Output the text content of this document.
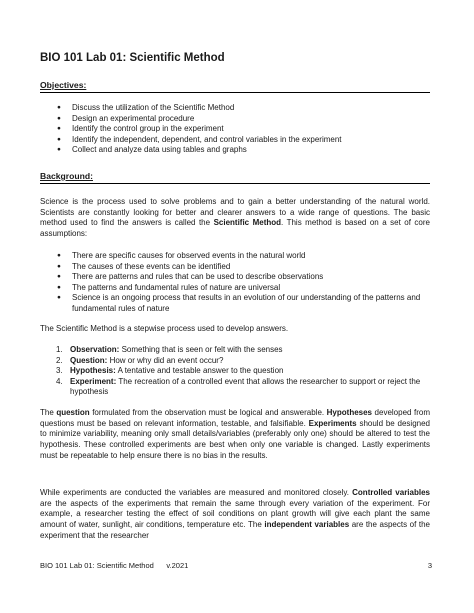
BIO 101 Lab 01: Scientific Method
Objectives:
● Discuss the utilization of the Scientific Method
● Design an experimental procedure
● Identify the control group in the experiment
● Identify the independent, dependent, and control variables in the experiment
● Collect and analyze data using tables and graphs
Background:

Science is the process used to solve problems and to gain a better understanding of the natural world. Scientists are constantly looking for better and clearer answers to a wide range of questions. The basic method used to find the answers is called the Scientific Method. This method is based on a set of core assumptions:

● There are specific causes for observed events in the natural world
● The causes of these events can be identified
● There are patterns and rules that can be used to describe observations
● The patterns and fundamental rules of nature are universal
● Science is an ongoing process that results in an evolution of our understanding of the patterns and fundamental rules of nature

The Scientific Method is a stepwise process used to develop answers.

1. Observation: Something that is seen or felt with the senses
2. Question: How or why did an event occur?
3. Hypothesis: A tentative and testable answer to the question
4. Experiment: The recreation of a controlled event that allows the researcher to support or reject the hypothesis

The question formulated from the observation must be logical and answerable. Hypotheses developed from questions must be based on relevant information, testable, and falsifiable. Experiments should be designed to minimize variability, meaning only small details/variables (preferably only one) should be altered to test the hypothesis. These controlled experiments are best when only one variable is changed. Lastly experiments must be repeatable to help ensure there is no bias in the results.

While experiments are conducted the variables are measured and monitored closely. Controlled variables are the aspects of the experiments that remain the same through every variation of the experiment. For example, a researcher testing the effect of soil conditions on plant growth will give each plant the same amount of water, sunlight, air conditions, temperature etc. The independent variables are the aspects of the experiment that the researcher

BIO 101 Lab 01: Scientific Method      v.2021	3
